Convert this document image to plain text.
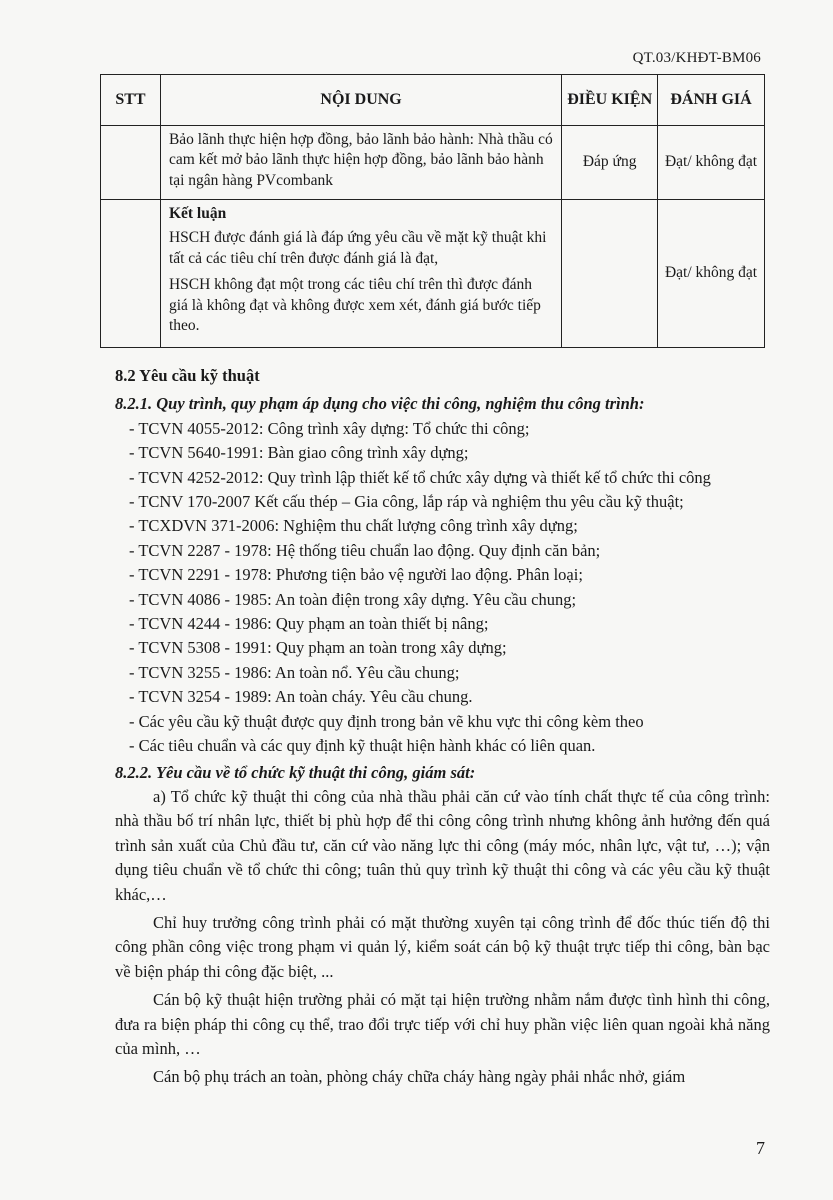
QT.03/KHĐT-BM06
STT	NỘI DUNG	ĐIỀU KIỆN	ĐÁNH GIÁ
	Bảo lãnh thực hiện hợp đồng, bảo lãnh bảo hành: Nhà thầu có cam kết mở bảo lãnh thực hiện hợp đồng, bảo lãnh bảo hành tại ngân hàng PVcombank	Đáp ứng	Đạt/ không đạt

	Kết luận
HSCH được đánh giá là đáp ứng yêu cầu về mặt kỹ thuật khi tất cả các tiêu chí trên được đánh giá là đạt,
HSCH không đạt một trong các tiêu chí trên thì được đánh giá là không đạt và không được xem xét, đánh giá bước tiếp theo.		Đạt/ không đạt
8.2 Yêu cầu kỹ thuật
8.2.1. Quy trình, quy phạm áp dụng cho việc thi công, nghiệm thu công trình:
- TCVN 4055-2012: Công trình xây dựng: Tổ chức thi công;
- TCVN 5640-1991: Bàn giao công trình xây dựng;
- TCVN 4252-2012: Quy trình lập thiết kế tổ chức xây dựng và thiết kế tổ chức thi công
- TCNV 170-2007 Kết cấu thép – Gia công, lắp ráp và nghiệm thu yêu cầu kỹ thuật;
- TCXDVN 371-2006: Nghiệm thu chất lượng công trình xây dựng;
- TCVN 2287 - 1978: Hệ thống tiêu chuẩn lao động. Quy định căn bản;
- TCVN 2291 - 1978: Phương tiện bảo vệ người lao động. Phân loại;
- TCVN 4086 - 1985: An toàn điện trong xây dựng. Yêu cầu chung;
- TCVN 4244 - 1986: Quy phạm an toàn thiết bị nâng;
- TCVN 5308 - 1991: Quy phạm an toàn trong xây dựng;
- TCVN 3255 - 1986: An toàn nổ. Yêu cầu chung;
- TCVN 3254 - 1989: An toàn cháy. Yêu cầu chung.
- Các yêu cầu kỹ thuật được quy định trong bản vẽ khu vực thi công kèm theo
- Các tiêu chuẩn và các quy định kỹ thuật hiện hành khác có liên quan.
8.2.2. Yêu cầu về tổ chức kỹ thuật thi công, giám sát:

a) Tổ chức kỹ thuật thi công của nhà thầu phải căn cứ vào tính chất thực tế của công trình: nhà thầu bố trí nhân lực, thiết bị phù hợp để thi công công trình nhưng không ảnh hưởng đến quá trình sản xuất của Chủ đầu tư, căn cứ vào năng lực thi công (máy móc, nhân lực, vật tư, …); vận dụng tiêu chuẩn về tổ chức thi công; tuân thủ quy trình kỹ thuật thi công và các yêu cầu kỹ thuật khác,…

Chỉ huy trưởng công trình phải có mặt thường xuyên tại công trình để đốc thúc tiến độ thi công phần công việc trong phạm vi quản lý, kiểm soát cán bộ kỹ thuật trực tiếp thi công, bàn bạc về biện pháp thi công đặc biệt, ...

Cán bộ kỹ thuật hiện trường phải có mặt tại hiện trường nhằm nắm được tình hình thi công, đưa ra biện pháp thi công cụ thể, trao đổi trực tiếp với chỉ huy phần việc liên quan ngoài khả năng của mình, …

Cán bộ phụ trách an toàn, phòng cháy chữa cháy hàng ngày phải nhắc nhở, giám

7
